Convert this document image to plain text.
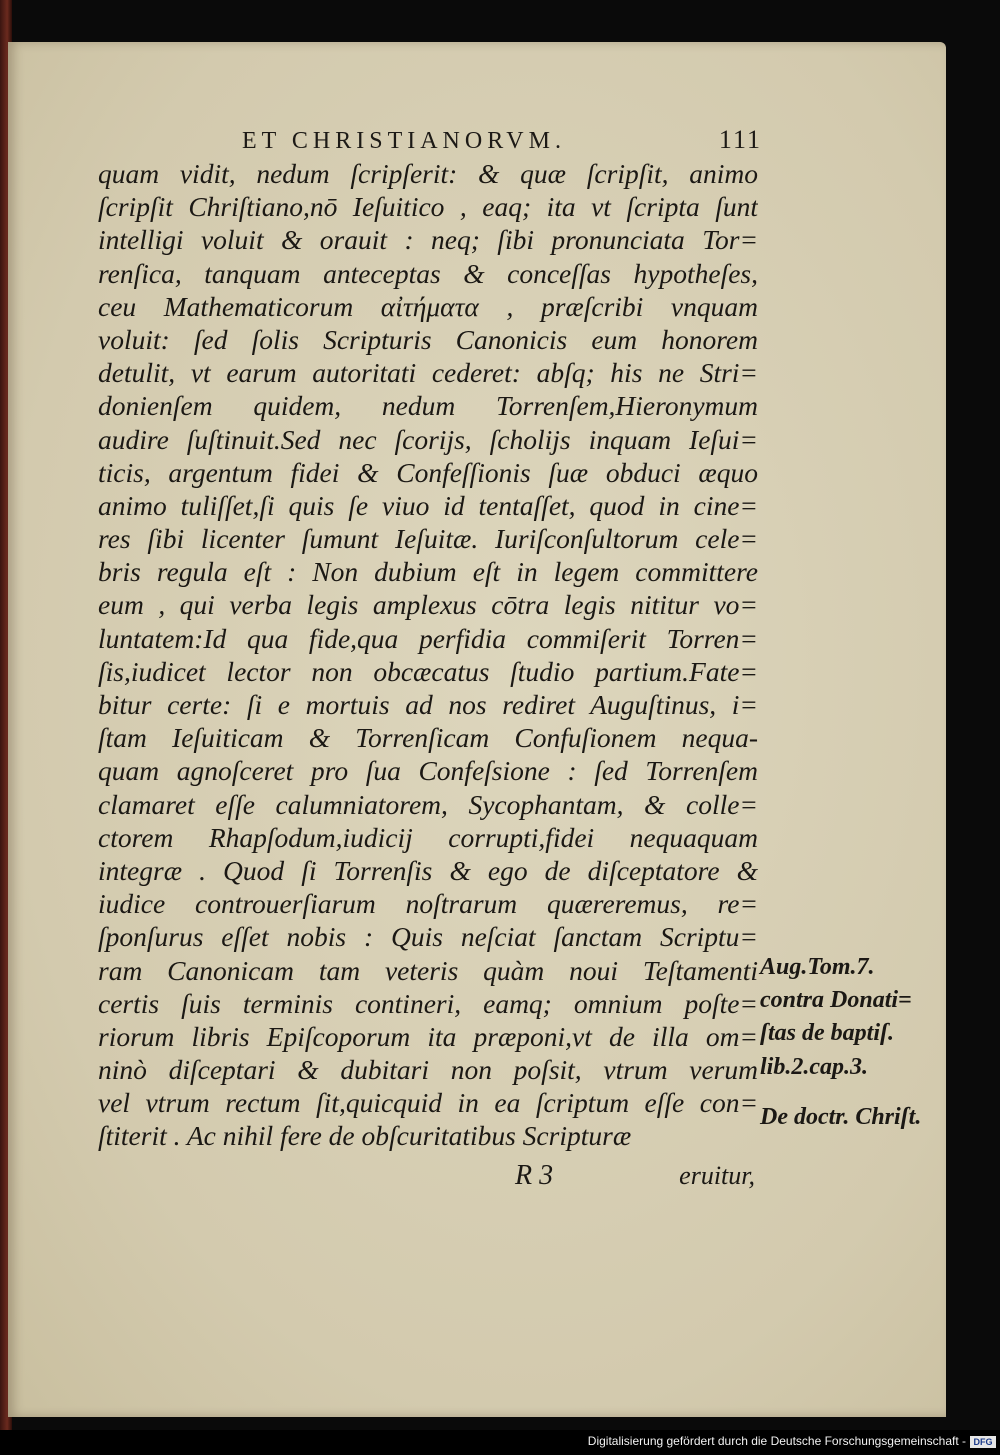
ET CHRISTIANORVM.	111
quam vidit, nedum ſcripſerit: & quæ ſcripſit, animo
ſcripſit Chriſtiano,nō Ieſuitico , eaq; ita vt ſcripta ſunt
intelligi voluit & orauit : neq; ſibi pronunciata Tor=
renſica, tanquam anteceptas & conceſſas hypotheſes,
ceu Mathematicorum αἰτήματα , præſcribi vnquam
voluit: ſed ſolis Scripturis Canonicis eum honorem
detulit, vt earum autoritati cederet: abſq; his ne Stri=
donienſem quidem, nedum Torrenſem,Hieronymum
audire ſuſtinuit.Sed nec ſcorijs, ſcholijs inquam Ieſui=
ticis, argentum fidei & Confeſſionis ſuæ obduci æquo
animo tuliſſet,ſi quis ſe viuo id tentaſſet, quod in cine=
res ſibi licenter ſumunt Ieſuitæ. Iuriſconſultorum cele=
bris regula eſt : Non dubium eſt in legem committere
eum , qui verba legis amplexus cōtra legis nititur vo=
luntatem:Id qua fide,qua perfidia commiſerit Torren=
ſis,iudicet lector non obcæcatus ſtudio partium.Fate=
bitur certe: ſi e mortuis ad nos rediret Auguſtinus, i=
ſtam Ieſuiticam & Torrenſicam Confuſionem nequa-
quam agnoſceret pro ſua Confeſsione : ſed Torrenſem
clamaret eſſe calumniatorem, Sycophantam, & colle=
ctorem Rhapſodum,iudicij corrupti,fidei nequaquam
integræ . Quod ſi Torrenſis & ego de diſceptatore &
iudice controuerſiarum noſtrarum quæreremus, re=
ſponſurus eſſet nobis : Quis neſciat ſanctam Scriptu=
ram Canonicam tam veteris quàm noui Teſtamenti
certis ſuis terminis contineri, eamq; omnium poſte=
riorum libris Epiſcoporum ita præponi,vt de illa om=
ninò diſceptari & dubitari non poſsit, vtrum verum
vel vtrum rectum ſit,quicquid in ea ſcriptum eſſe con=
ſtiterit . Ac nihil fere de obſcuritatibus Scripturæ
Aug.Tom.7.
contra Donati=
ſtas de baptiſ.
lib.2.cap.3.
De doctr. Chriſt.
R 3	eruitur,
Digitalisierung gefördert durch die Deutsche Forschungsgemeinschaft - DFG
